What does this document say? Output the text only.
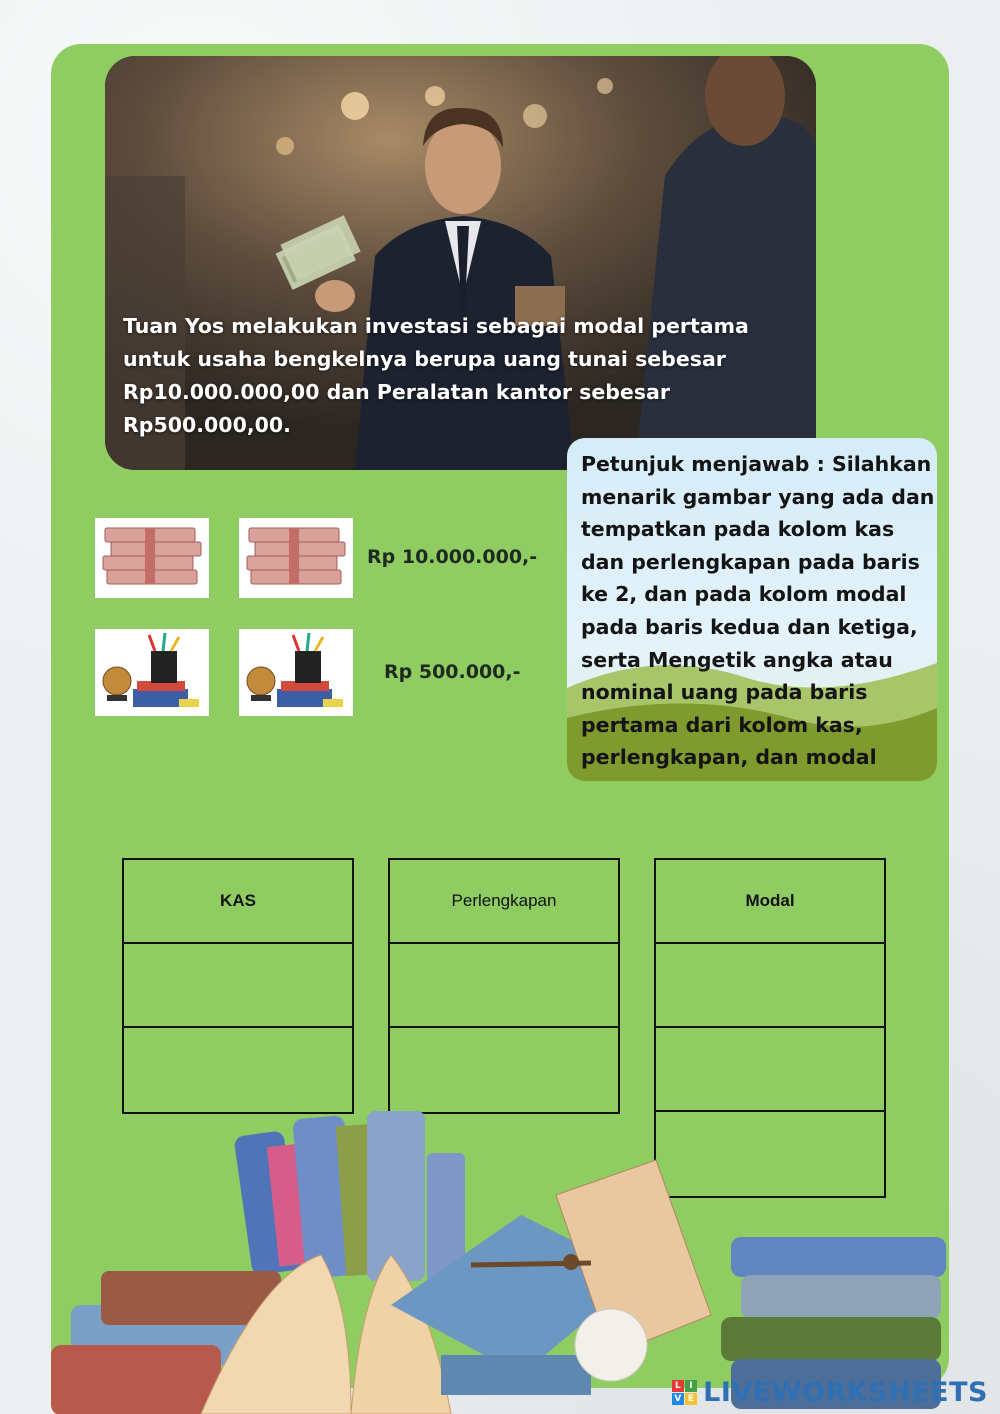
Tuan Yos melakukan investasi sebagai modal pertama untuk usaha bengkelnya berupa uang tunai sebesar Rp10.000.000,00 dan Peralatan kantor sebesar Rp500.000,00.
Petunjuk menjawab : Silahkan menarik gambar yang ada dan tempatkan pada kolom kas dan perlengkapan pada baris ke 2, dan pada kolom modal pada baris kedua dan ketiga, serta Mengetik angka atau nominal uang pada baris pertama dari kolom kas, perlengkapan, dan modal
Rp 10.000.000,-
Rp 500.000,-
KAS	Perlengkapan	Modal
L I
V E LIVEWORKSHEETS
